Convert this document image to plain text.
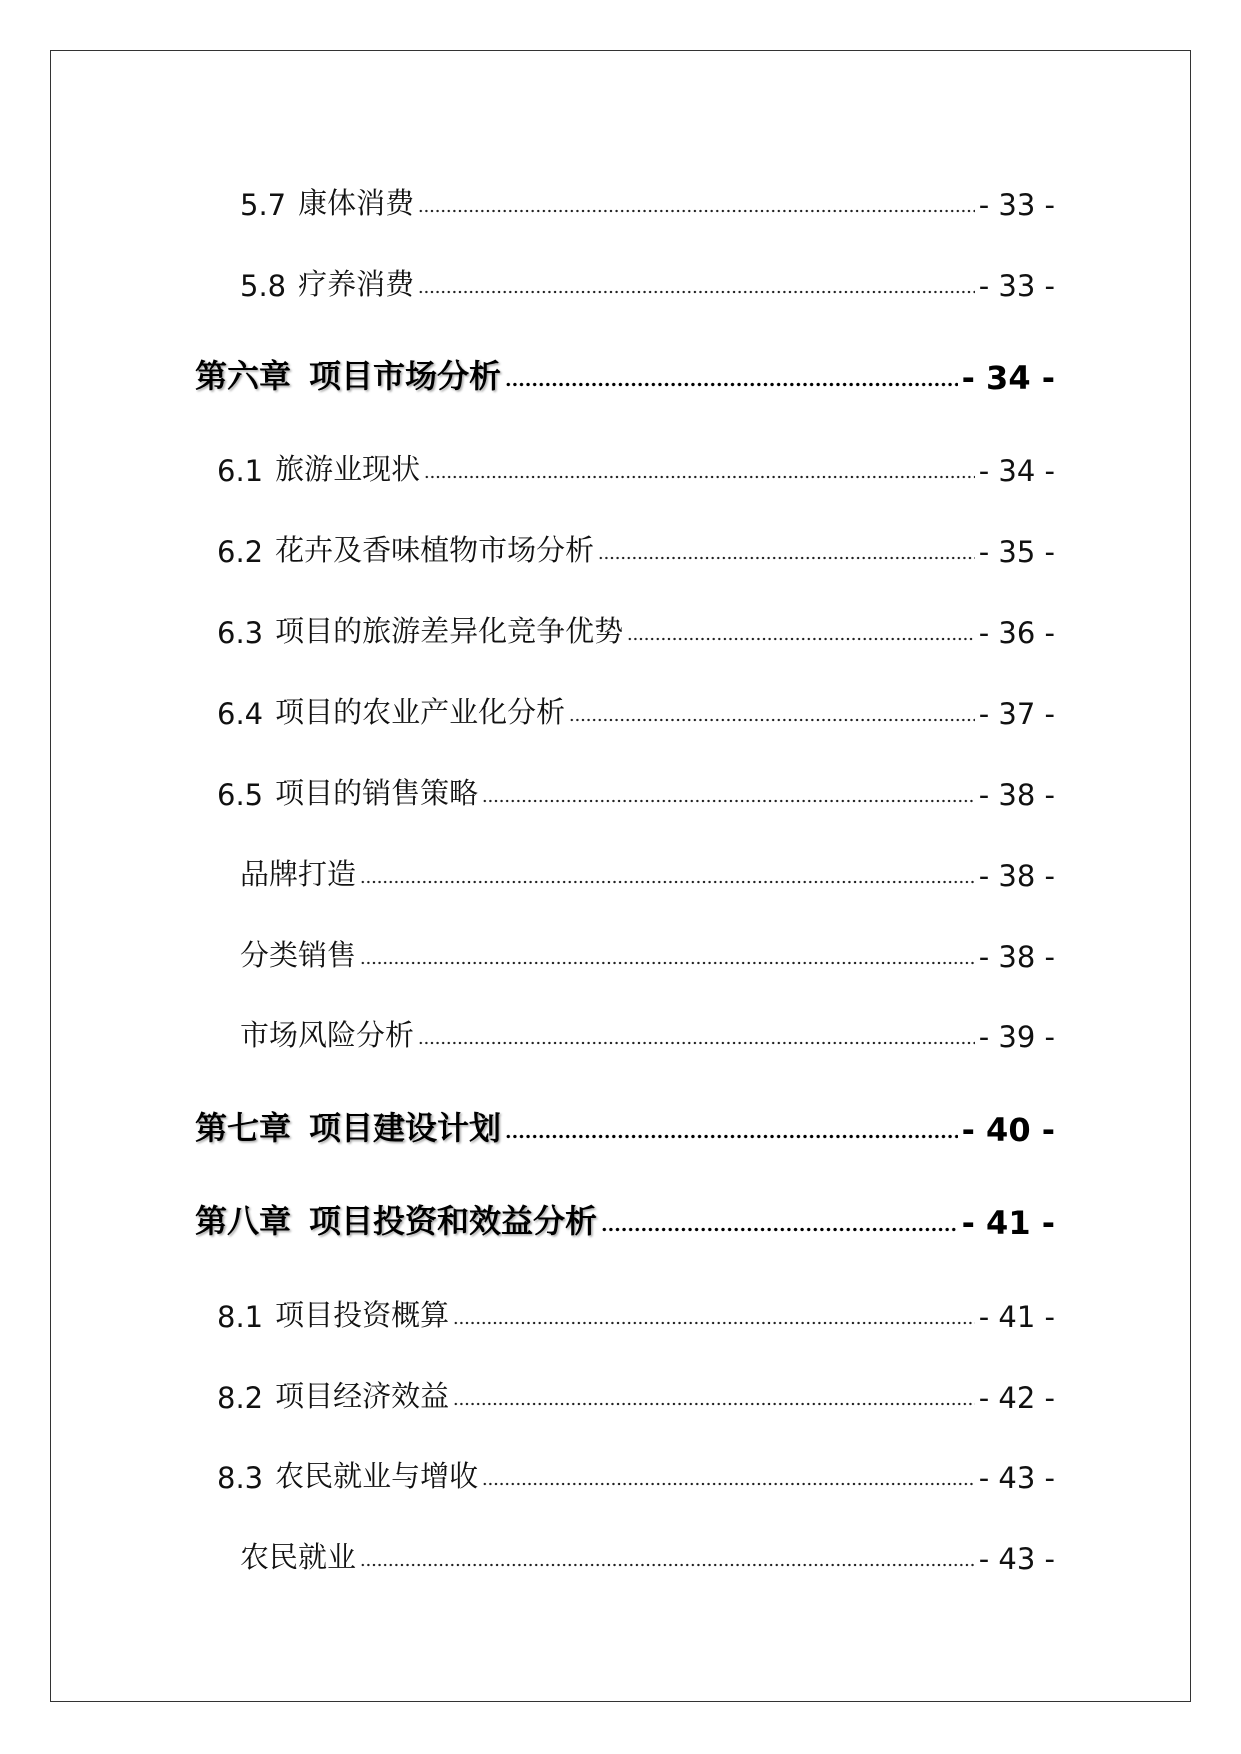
5.7 康体消费	- 33 -
5.8 疗养消费	- 33 -
第六章 项目市场分析	- 34 -
6.1 旅游业现状	- 34 -
6.2 花卉及香味植物市场分析	- 35 -
6.3 项目的旅游差异化竞争优势	- 36 -
6.4 项目的农业产业化分析	- 37 -
6.5 项目的销售策略	- 38 -
品牌打造	- 38 -
分类销售	- 38 -
市场风险分析	- 39 -
第七章 项目建设计划	- 40 -
第八章 项目投资和效益分析	- 41 -
8.1 项目投资概算	- 41 -
8.2 项目经济效益	- 42 -
8.3 农民就业与增收	- 43 -
农民就业	- 43 -
